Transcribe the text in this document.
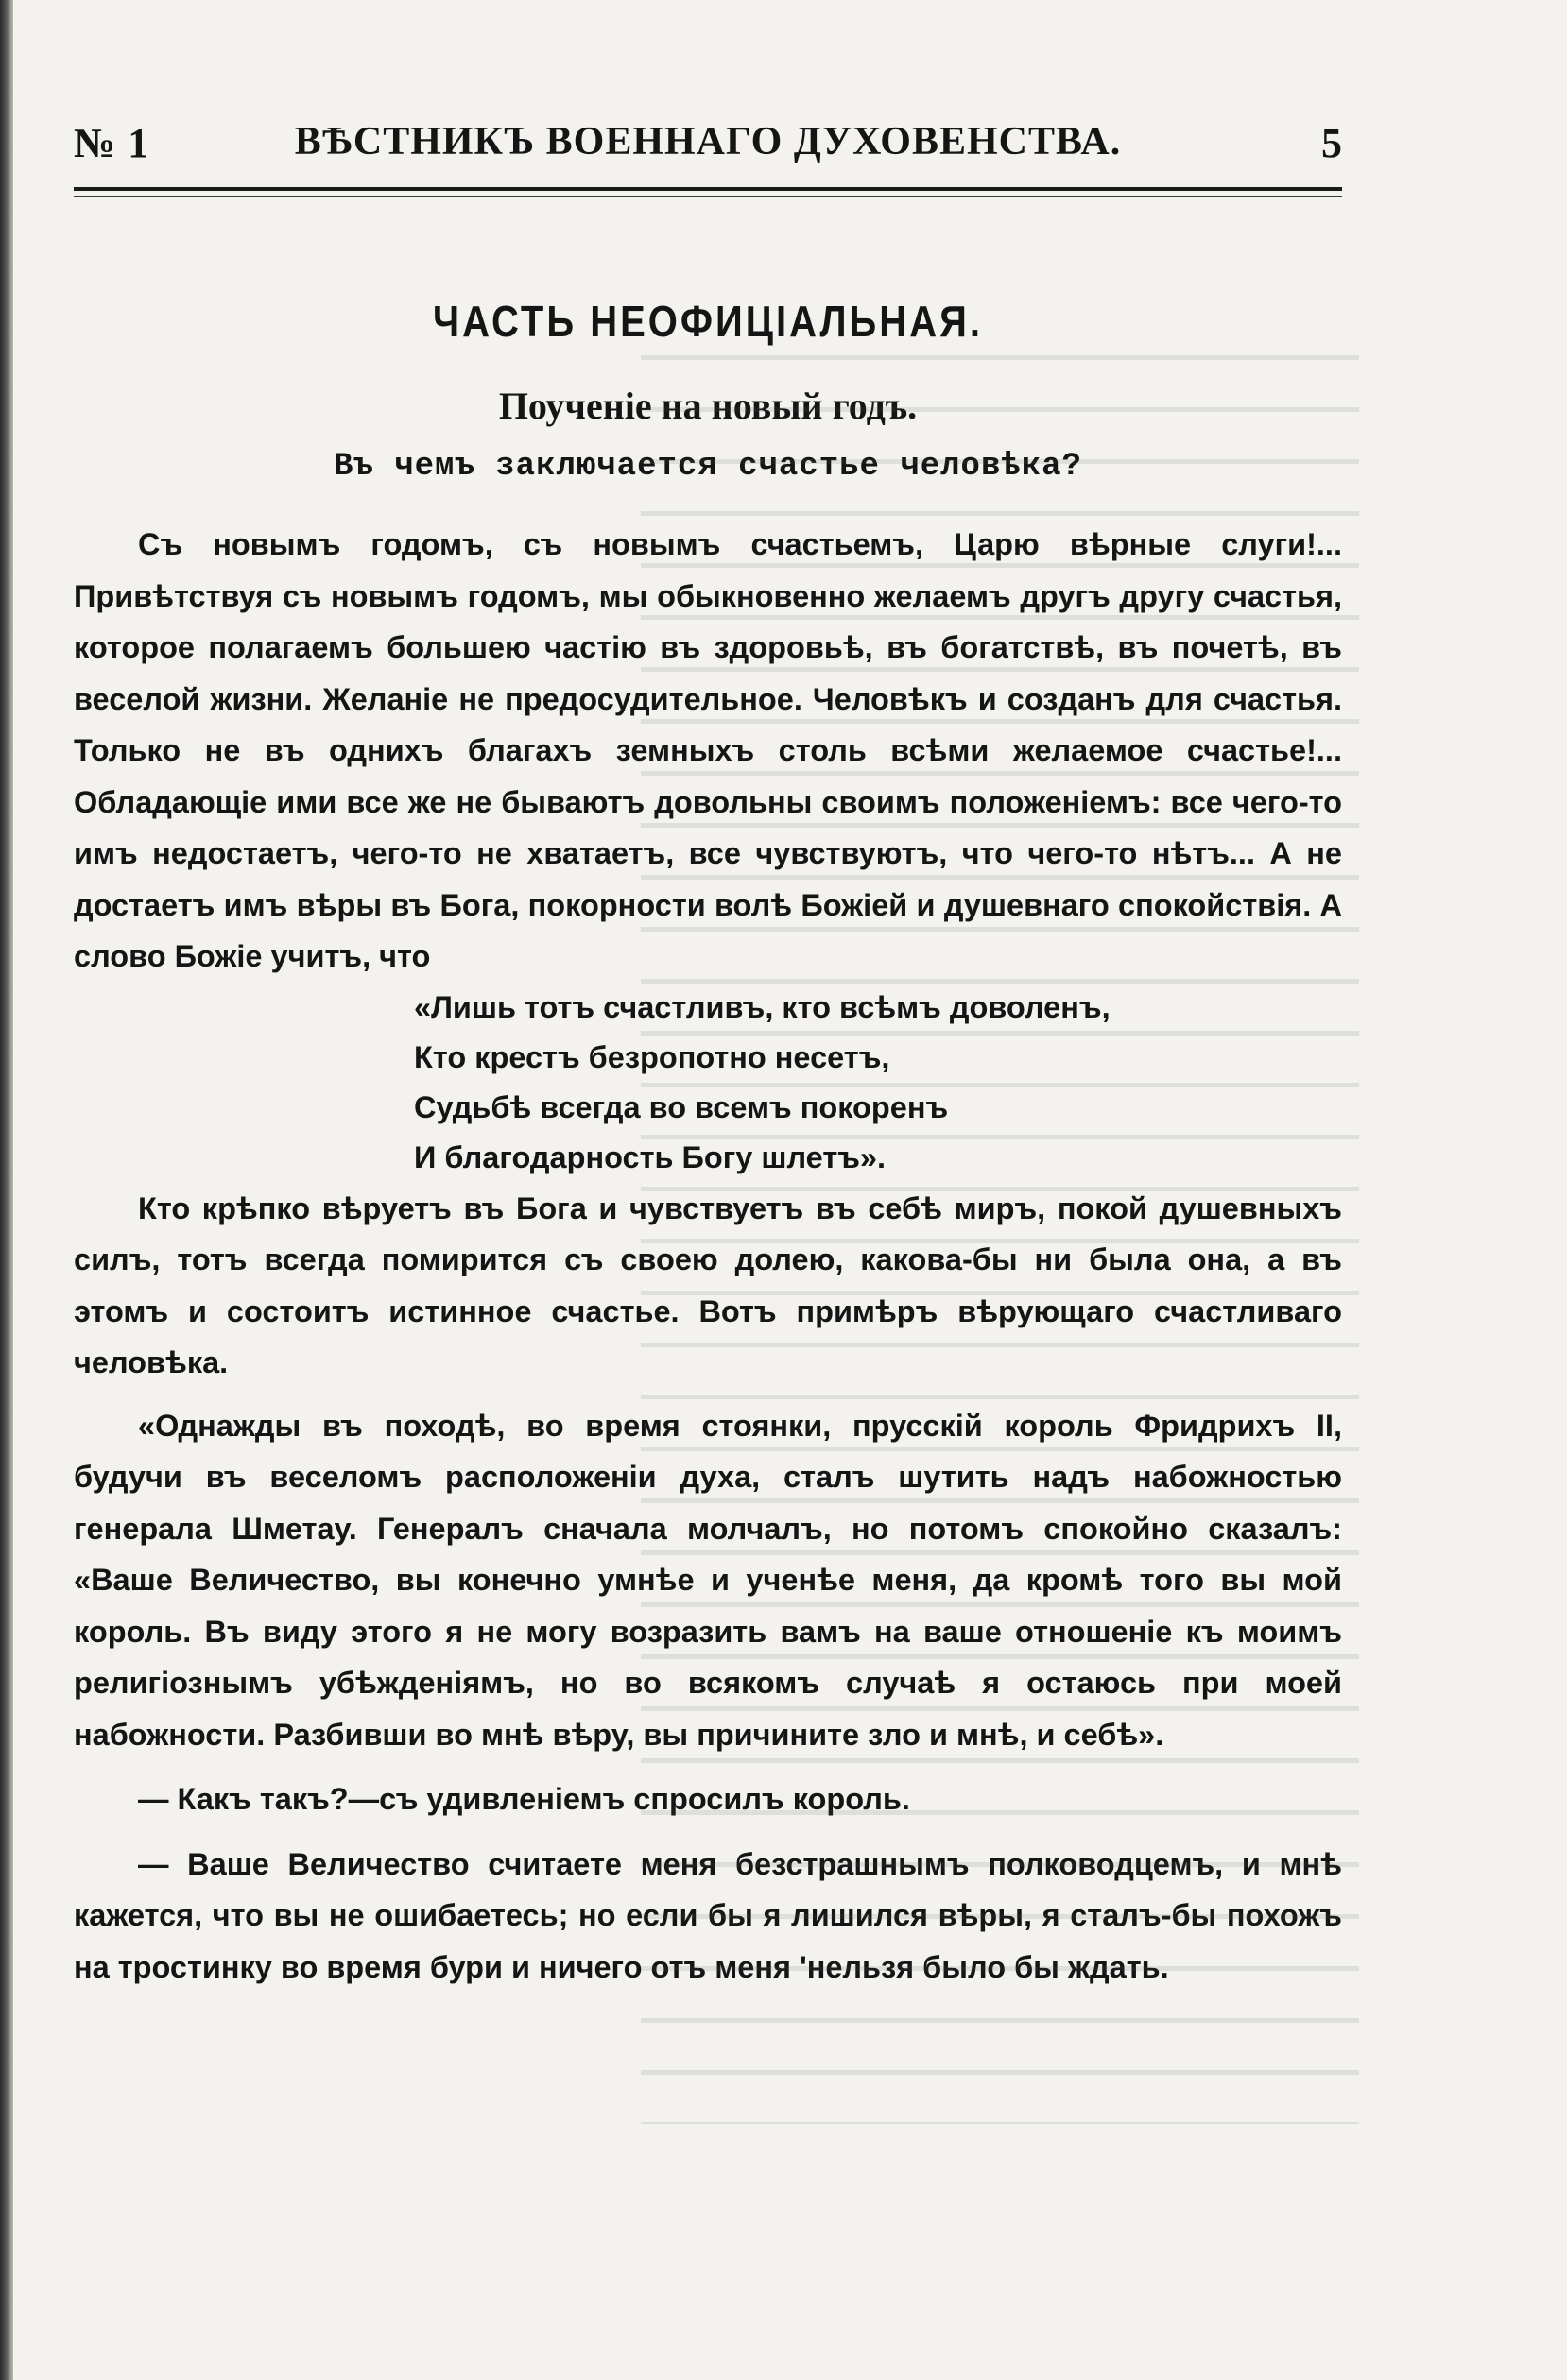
№ 1	ВѢСТНИКЪ ВОЕННАГО ДУХОВЕНСТВА.	5
ЧАСТЬ НЕОФИЦIАЛЬНАЯ.
Поученiе на новый годъ.
Въ чемъ заключается счастье человѣка?

Съ новымъ годомъ, съ новымъ счастьемъ, Царю вѣрные слуги!... Привѣтствуя съ новымъ годомъ, мы обыкновенно желаемъ другъ другу счастья, которое полагаемъ большею частiю въ здоровьѣ, въ богатствѣ, въ почетѣ, въ веселой жизни. Желанiе не предосудительное. Человѣкъ и созданъ для счастья. Только не въ однихъ благахъ земныхъ столь всѣми желаемое счастье!... Обладающiе ими все же не бываютъ довольны своимъ положенiемъ: все чего-то имъ недостаетъ, чего-то не хватаетъ, все чувствуютъ, что чего-то нѣтъ... А не достаетъ имъ вѣры въ Бога, покорности волѣ Божiей и душевнаго спокойствiя. А слово Божiе учитъ, что

«Лишь тотъ счастливъ, кто всѣмъ доволенъ,
Кто крестъ безропотно несетъ,
Судьбѣ всегда во всемъ покоренъ
И благодарность Богу шлетъ».

Кто крѣпко вѣруетъ въ Бога и чувствуетъ въ себѣ миръ, покой душевныхъ силъ, тотъ всегда помирится съ своею долею, какова-бы ни была она, а въ этомъ и состоитъ истинное счастье. Вотъ примѣръ вѣрующаго счастливаго человѣка.

«Однажды въ походѣ, во время стоянки, прусскiй король Фридрихъ II, будучи въ веселомъ расположенiи духа, сталъ шутить надъ набожностью генерала Шметау. Генералъ сначала молчалъ, но потомъ спокойно сказалъ: «Ваше Величество, вы конечно умнѣе и ученѣе меня, да кромѣ того вы мой король. Въ виду этого я не могу возразить вамъ на ваше отношенiе къ моимъ религiознымъ убѣжденiямъ, но во всякомъ случаѣ я остаюсь при моей набожности. Разбивши во мнѣ вѣру, вы причините зло и мнѣ, и себѣ».

— Какъ такъ?—съ удивленiемъ спросилъ король.

— Ваше Величество считаете меня безстрашнымъ полководцемъ, и мнѣ кажется, что вы не ошибаетесь; но если бы я лишился вѣры, я сталъ-бы похожъ на тростинку во время бури и ничего отъ меня 'нельзя было бы ждать.
